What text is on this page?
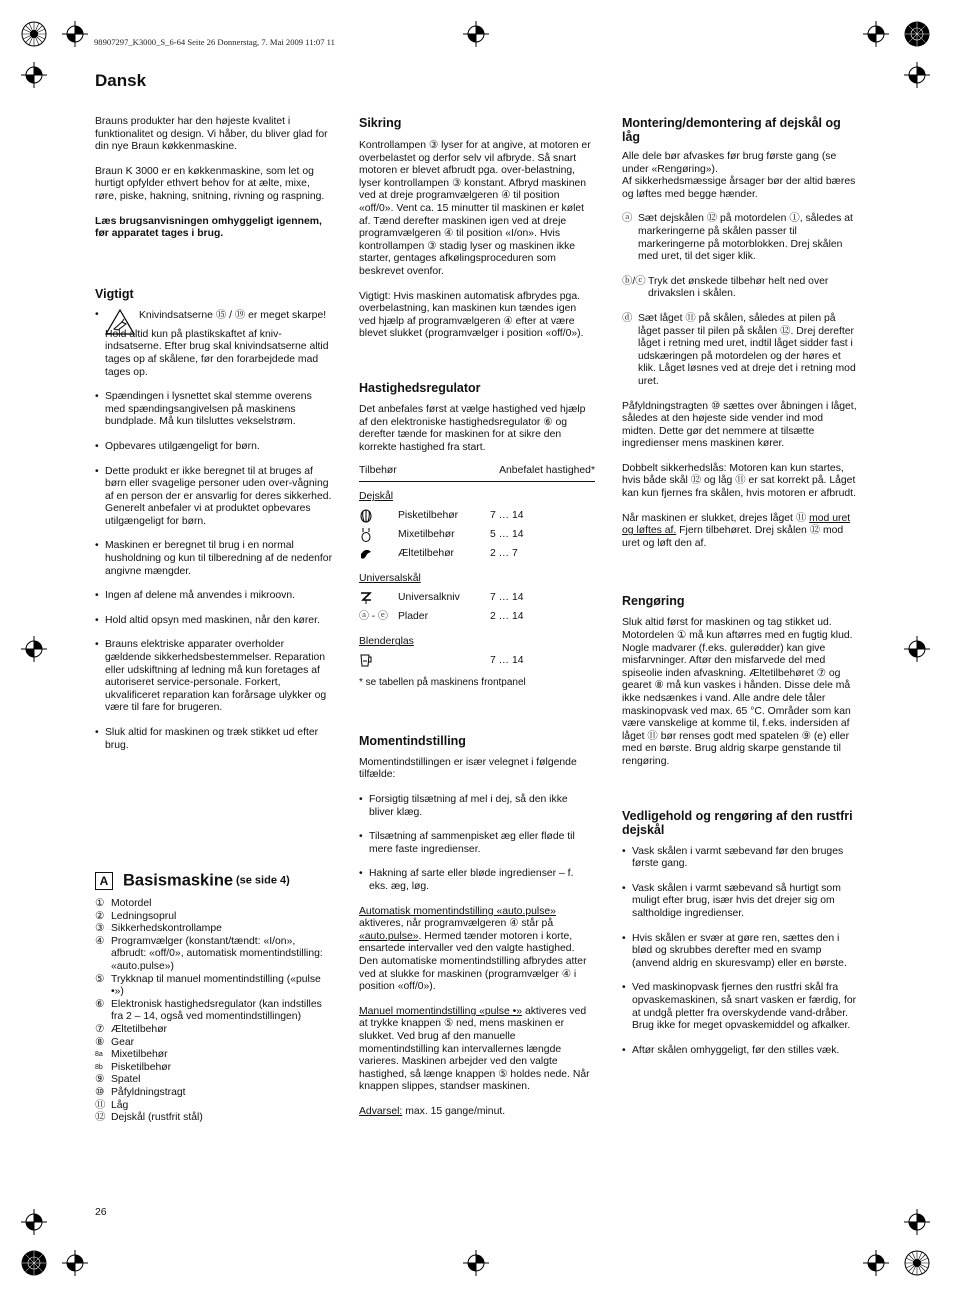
98907297_K3000_S_6-64 Seite 26 Donnerstag, 7. Mai 2009 11:07 11
Dansk

Brauns produkter har den højeste kvalitet i funktionalitet og design. Vi håber, du bliver glad for din nye Braun køkkenmaskine.

Braun K 3000 er en køkkenmaskine, som let og hurtigt opfylder ethvert behov for at ælte, mixe, røre, piske, hakning, snitning, rivning og raspning.

Læs brugsanvisningen omhyggeligt igennem, før apparatet tages i brug.

Vigtigt
• Knivindsatserne ⑮ / ⑲ er meget skarpe!
Hold altid kun på plastikskaftet af kniv-indsatserne. Efter brug skal knivindsatserne altid tages op af skålene, før den forarbejdede mad tages op.
• Spændingen i lysnettet skal stemme overens med spændingsangivelsen på maskinens bundplade. Må kun tilsluttes vekselstrøm.
• Opbevares utilgængeligt for børn.
• Dette produkt er ikke beregnet til at bruges af børn eller svagelige personer uden over-vågning af en person der er ansvarlig for deres sikkerhed. Generelt anbefaler vi at produktet opbevares utilgængeligt for børn.
• Maskinen er beregnet til brug i en normal husholdning og kun til tilberedning af de nedenfor angivne mængder.
• Ingen af delene må anvendes i mikroovn.
• Hold altid opsyn med maskinen, når den kører.
• Brauns elektriske apparater overholder gældende sikkerhedsbestemmelser. Reparation eller udskiftning af ledning må kun foretages af autoriseret service-personale. Forkert, ukvalificeret reparation kan forårsage ulykker og være til fare for brugeren.
• Sluk altid for maskinen og træk stikket ud efter brug.
A Basismaskine (se side 4)
① Motordel
② Ledningsoprul
③ Sikkerhedskontrollampe
④ Programvælger (konstant/tændt: «I/on», afbrudt: «off/0», automatisk momentindstilling: «auto.pulse»)
⑤ Trykknap til manuel momentindstilling («pulse •»)
⑥ Elektronisk hastighedsregulator (kan indstilles fra 2 – 14, også ved momentindstillingen)
⑦ Æltetilbehør
⑧ Gear
8a Mixetilbehør
8b Pisketilbehør
⑨ Spatel
⑩ Påfyldningstragt
⑪ Låg
⑫ Dejskål (rustfrit stål)
Sikring

Kontrollampen ③ lyser for at angive, at motoren er overbelastet og derfor selv vil afbryde. Så snart motoren er blevet afbrudt pga. over-belastning, lyser kontrollampen ③ konstant. Afbryd maskinen ved at dreje programvælgeren ④ til position «off/0». Vent ca. 15 minutter til maskinen er kølet af. Tænd derefter maskinen igen ved at dreje programvælgeren ④ til position «I/on». Hvis kontrollampen ③ stadig lyser og maskinen ikke starter, gentages afkølingsproceduren som beskrevet ovenfor.

Vigtigt: Hvis maskinen automatisk afbrydes pga. overbelastning, kan maskinen kun tændes igen ved hjælp af programvælgeren ④ efter at være blevet slukket (programvælger i position «off/0»).

Hastighedsregulator

Det anbefales først at vælge hastighed ved hjælp af den elektroniske hastighedsregulator ⑥ og derefter tænde for maskinen for at sikre den korrekte hastighed fra start.

Tilbehør		Anbefalet hastighed*

Dejskål		
	Pisketilbehør	7 … 14
	Mixetilbehør	5 … 14
	Æltetilbehør	2 … 7

Universalskål		
	Universalkniv	7 … 14
ⓐ - ⓔ	Plader	2 … 14

Blenderglas		
		7 … 14

* se tabellen på maskinens frontpanel

Momentindstilling

Momentindstillingen er især velegnet i følgende tilfælde:

• Forsigtig tilsætning af mel i dej, så den ikke bliver klæg.
• Tilsætning af sammenpisket æg eller fløde til mere faste ingredienser.
• Hakning af sarte eller bløde ingredienser – f. eks. æg, løg.

Automatisk momentindstilling «auto.pulse» aktiveres, når programvælgeren ④ står på «auto.pulse». Hermed tænder motoren i korte, ensartede intervaller ved den valgte hastighed. Den automatiske momentindstilling afbrydes atter ved at slukke for maskinen (programvælger ④ i position «off/0»).

Manuel momentindstilling «pulse •» aktiveres ved at trykke knappen ⑤ ned, mens maskinen er slukket. Ved brug af den manuelle momentindstilling kan intervallernes længde varieres. Maskinen arbejder ved den valgte hastighed, så længe knappen ⑤ holdes nede. Når knappen slippes, standser maskinen.

Advarsel: max. 15 gange/minut.

Montering/demontering af dejskål og låg

Alle dele bør afvaskes før brug første gang (se under «Rengøring»).
Af sikkerhedsmæssige årsager bør der altid bæres og løftes med begge hænder.

ⓐ Sæt dejskålen ⑫ på motordelen ①, således at markeringerne på skålen passer til markeringerne på motorblokken. Drej skålen med uret, til det siger klik.
ⓑ/ⓒ Tryk det ønskede tilbehør helt ned over drivakslen i skålen.
ⓓ Sæt låget ⑪ på skålen, således at pilen på låget passer til pilen på skålen ⑫. Drej derefter låget i retning med uret, indtil låget sidder fast i udskæringen på motordelen og der høres et klik. Låget løsnes ved at dreje det i retning mod uret.

Påfyldningstragten ⑩ sættes over åbningen i låget, således at den højeste side vender ind mod midten. Dette gør det nemmere at tilsætte ingredienser mens maskinen kører.

Dobbelt sikkerhedslås: Motoren kan kun startes, hvis både skål ⑫ og låg ⑪ er sat korrekt på. Låget kan kun fjernes fra skålen, hvis motoren er afbrudt.

Når maskinen er slukket, drejes låget ⑪ mod uret og løftes af. Fjern tilbehøret. Drej skålen ⑫ mod uret og løft den af.

Rengøring

Sluk altid først for maskinen og tag stikket ud. Motordelen ① må kun aftørres med en fugtig klud. Nogle madvarer (f.eks. gulerødder) kan give misfarvninger. Aftør den misfarvede del med spiseolie inden afvaskning. Æltetilbehøret ⑦ og gearet ⑧ må kun vaskes i hånden. Disse dele må ikke nedsænkes i vand. Alle andre dele tåler maskinopvask ved max. 65 °C. Områder som kan være vanskelige at komme til, f.eks. indersiden af låget ⑪ bør renses godt med spatelen ⑨ (e) eller med en børste. Brug aldrig skarpe genstande til rengøring.

Vedligehold og rengøring af den rustfri dejskål
• Vask skålen i varmt sæbevand før den bruges første gang.
• Vask skålen i varmt sæbevand så hurtigt som muligt efter brug, især hvis det drejer sig om saltholdige ingredienser.
• Hvis skålen er svær at gøre ren, sættes den i blød og skrubbes derefter med en svamp (anvend aldrig en skuresvamp) eller en børste.
• Ved maskinopvask fjernes den rustfri skål fra opvaskemaskinen, så snart vasken er færdig, for at undgå pletter fra overskydende vand-dråber. Brug ikke for meget opvaskemiddel og afkalker.
• Aftør skålen omhyggeligt, før den stilles væk.
26
